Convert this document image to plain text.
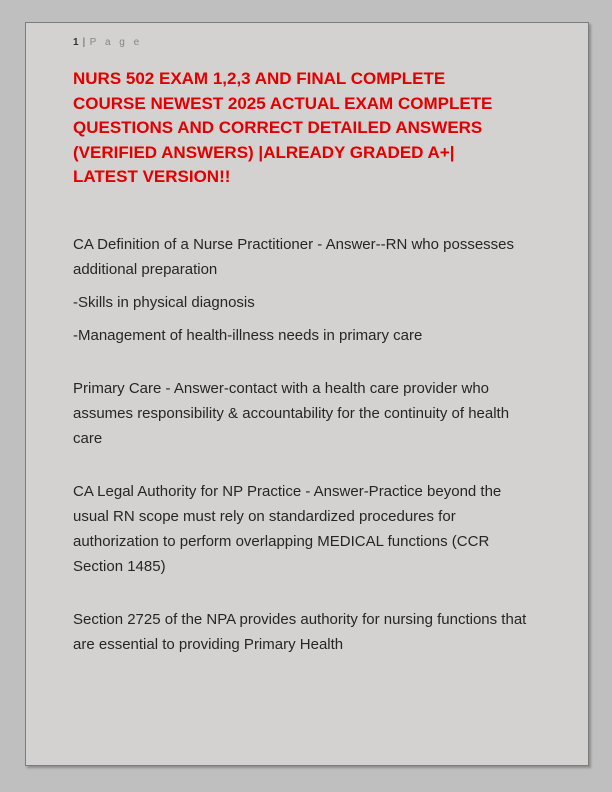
1 | P a g e
NURS 502 EXAM 1,2,3 AND FINAL COMPLETE
COURSE NEWEST 2025 ACTUAL EXAM COMPLETE
QUESTIONS AND CORRECT DETAILED ANSWERS
(VERIFIED ANSWERS) |ALREADY GRADED A+|
LATEST VERSION!!

CA Definition of a Nurse Practitioner - Answer--RN who possesses additional preparation

-Skills in physical diagnosis

-Management of health-illness needs in primary care

Primary Care - Answer-contact with a health care provider who assumes responsibility & accountability for the continuity of health care

CA Legal Authority for NP Practice - Answer-Practice beyond the usual RN scope must rely on standardized procedures for authorization to perform overlapping MEDICAL functions (CCR Section 1485)

Section 2725 of the NPA provides authority for nursing functions that are essential to providing Primary Health
